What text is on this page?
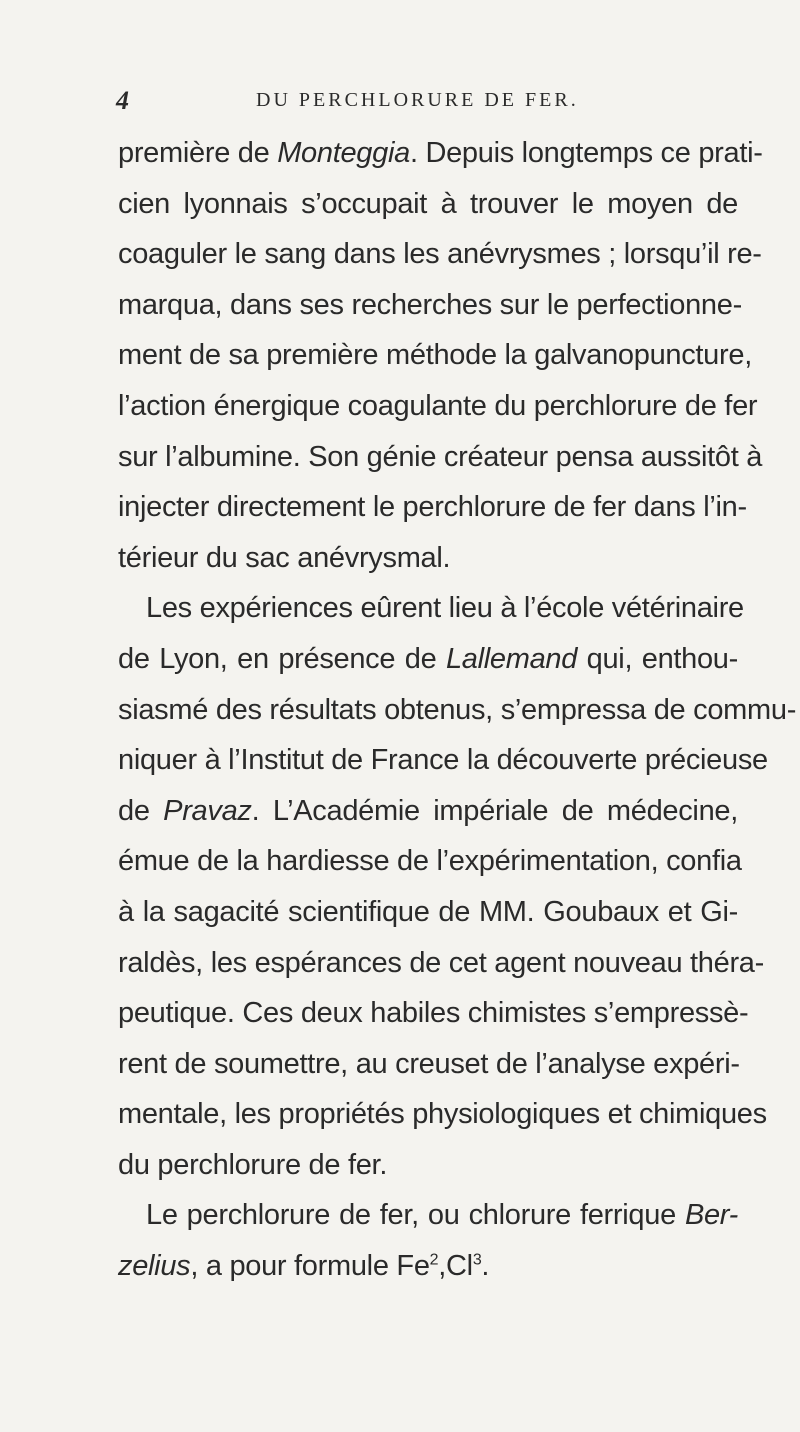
4	DU PERCHLORURE DE FER.
première de Monteggia. Depuis longtemps ce prati-
cien lyonnais s’occupait à trouver le moyen de
coaguler le sang dans les anévrysmes ; lorsqu’il re-
marqua, dans ses recherches sur le perfectionne-
ment de sa première méthode la galvanopuncture,
l’action énergique coagulante du perchlorure de fer
sur l’albumine. Son génie créateur pensa aussitôt à
injecter directement le perchlorure de fer dans l’in-
térieur du sac anévrysmal.
Les expériences eûrent lieu à l’école vétérinaire
de Lyon, en présence de Lallemand qui, enthou-
siasmé des résultats obtenus, s’empressa de commu-
niquer à l’Institut de France la découverte précieuse
de Pravaz. L’Académie impériale de médecine,
émue de la hardiesse de l’expérimentation, confia
à la sagacité scientifique de MM. Goubaux et Gi-
raldès, les espérances de cet agent nouveau théra-
peutique. Ces deux habiles chimistes s’empressè-
rent de soumettre, au creuset de l’analyse expéri-
mentale, les propriétés physiologiques et chimiques
du perchlorure de fer.
Le perchlorure de fer, ou chlorure ferrique Ber-
zelius, a pour formule Fe$^2$,Cl$^3$.
